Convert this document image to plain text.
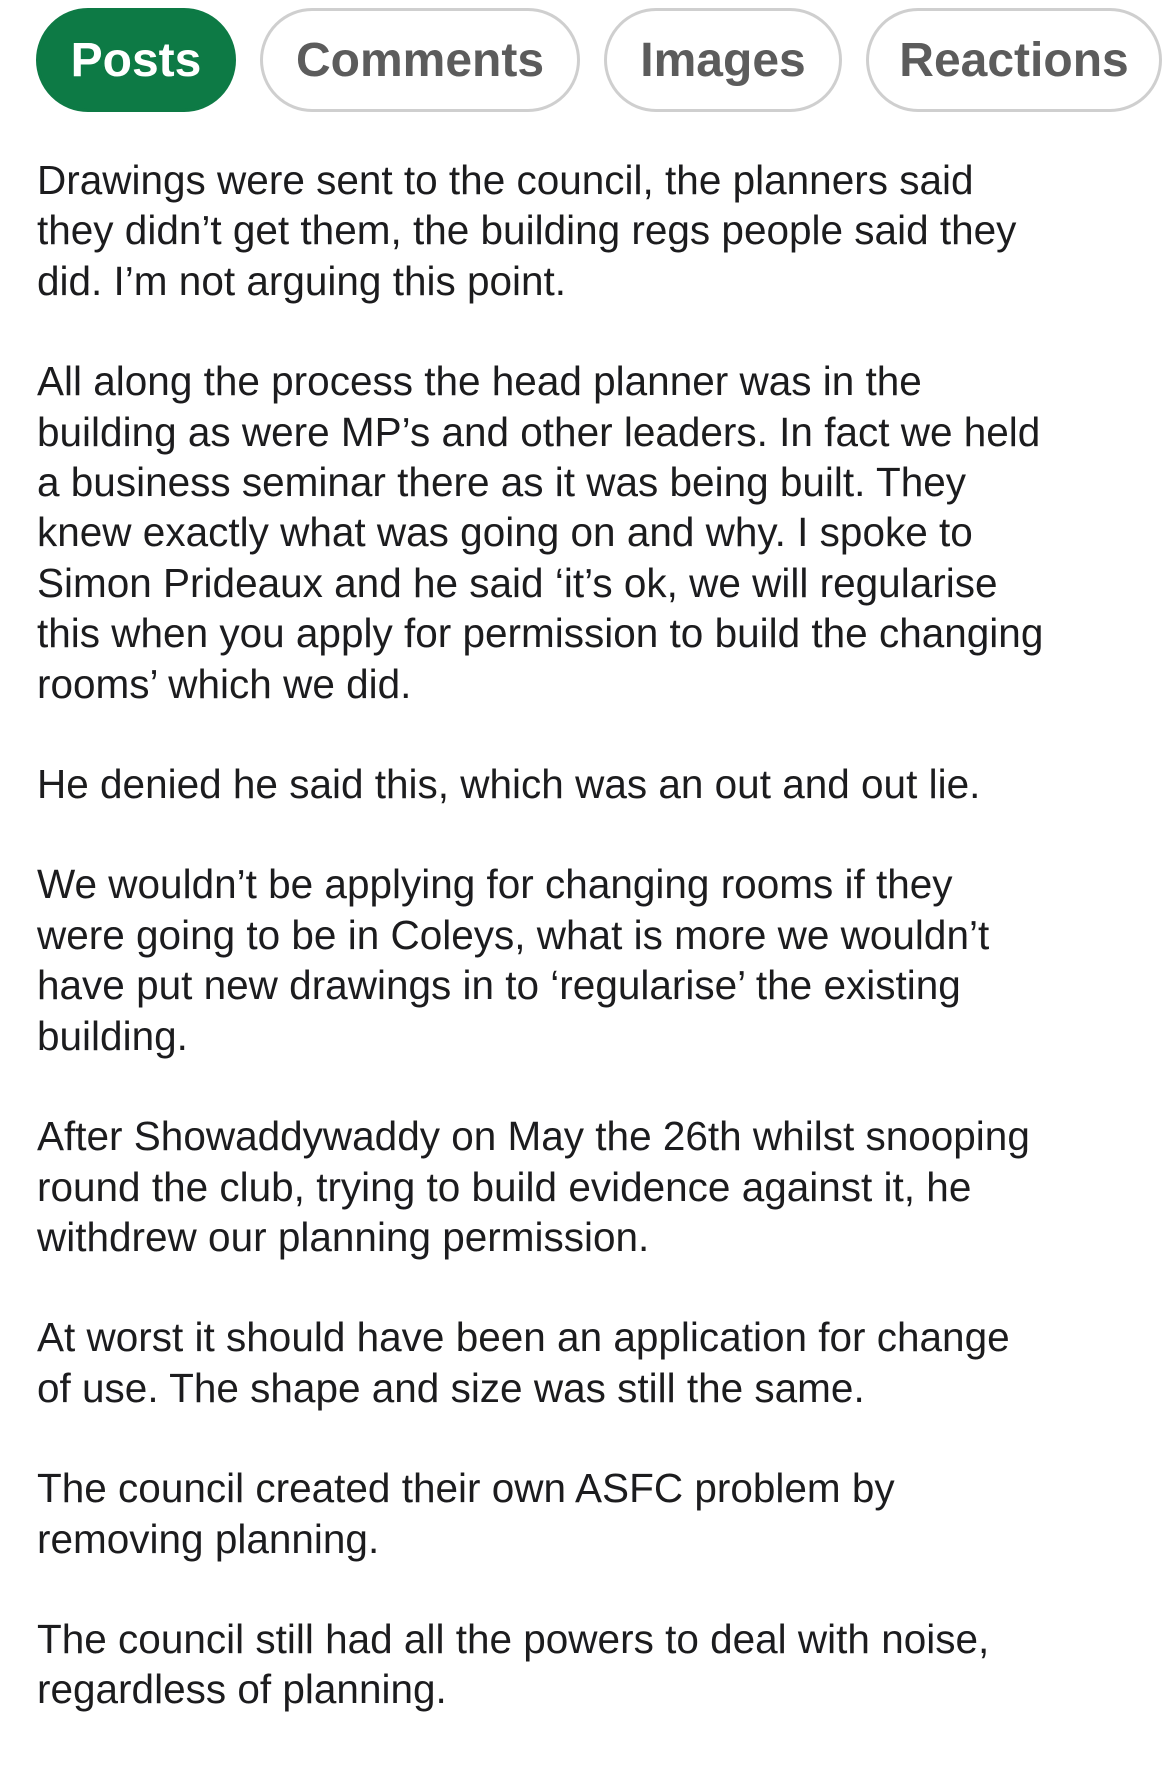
Posts	Comments	Images	Reactions

Drawings were sent to the council, the planners said
they didn’t get them, the building regs people said they
did. I’m not arguing this point.

All along the process the head planner was in the
building as were MP’s and other leaders. In fact we held
a business seminar there as it was being built. They
knew exactly what was going on and why. I spoke to
Simon Prideaux and he said ‘it’s ok, we will regularise
this when you apply for permission to build the changing
rooms’ which we did.

He denied he said this, which was an out and out lie.

We wouldn’t be applying for changing rooms if they
were going to be in Coleys, what is more we wouldn’t
have put new drawings in to ‘regularise’ the existing
building.

After Showaddywaddy on May the 26th whilst snooping
round the club, trying to build evidence against it, he
withdrew our planning permission.

At worst it should have been an application for change
of use. The shape and size was still the same.

The council created their own ASFC problem by
removing planning.

The council still had all the powers to deal with noise,
regardless of planning.
